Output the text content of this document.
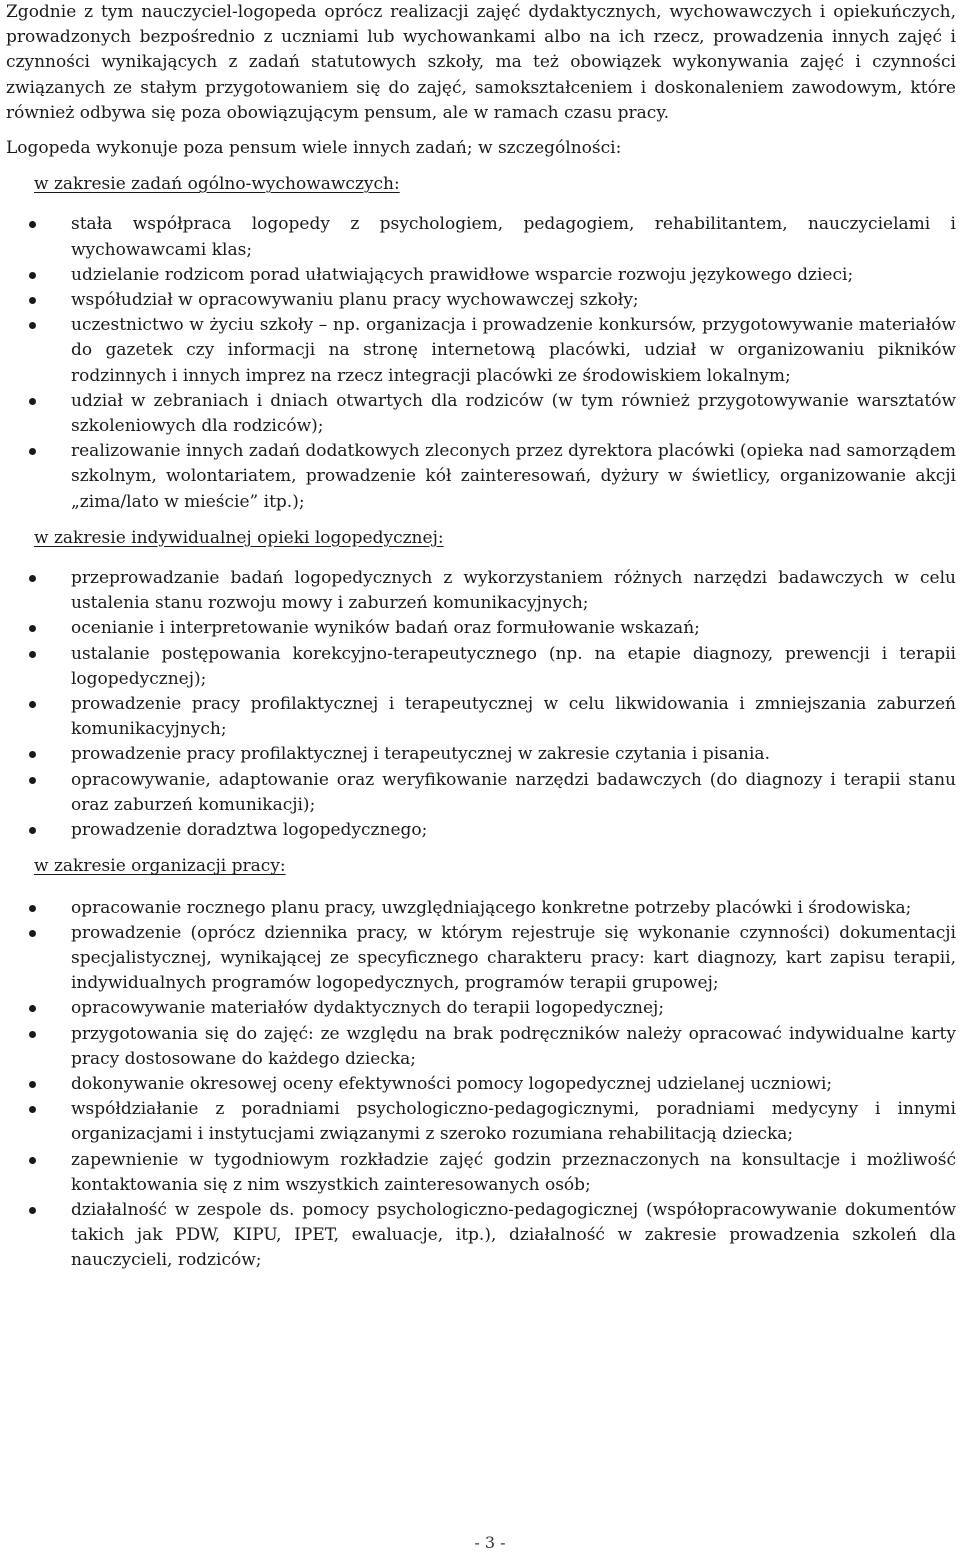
Zgodnie z tym nauczyciel-logopeda oprócz realizacji zajęć dydaktycznych, wychowawczych i opiekuńczych, prowadzonych bezpośrednio z uczniami lub wychowankami albo na ich rzecz, prowadzenia innych zajęć i czynności wynikających z zadań statutowych szkoły, ma też obowiązek wykonywania zajęć i czynności związanych ze stałym przygotowaniem się do zajęć, samokształceniem i doskonaleniem zawodowym, które również odbywa się poza obowiązującym pensum, ale w ramach czasu pracy.

Logopeda wykonuje poza pensum wiele innych zadań; w szczególności:

w zakresie zadań ogólno-wychowawczych:
stała współpraca logopedy z psychologiem, pedagogiem, rehabilitantem, nauczycielami i wychowawcami klas;
udzielanie rodzicom porad ułatwiających prawidłowe wsparcie rozwoju językowego dzieci;
współudział w opracowywaniu planu pracy wychowawczej szkoły;
uczestnictwo w życiu szkoły – np. organizacja i prowadzenie konkursów, przygotowywanie materiałów do gazetek czy informacji na stronę internetową placówki, udział w organizowaniu pikników rodzinnych i innych imprez na rzecz integracji placówki ze środowiskiem lokalnym;
udział w zebraniach i dniach otwartych dla rodziców (w tym również przygotowywanie warsztatów szkoleniowych dla rodziców);
realizowanie innych zadań dodatkowych zleconych przez dyrektora placówki (opieka nad samorządem szkolnym, wolontariatem, prowadzenie kół zainteresowań, dyżury w świetlicy, organizowanie akcji „zima/lato w mieście” itp.);
w zakresie indywidualnej opieki logopedycznej:
przeprowadzanie badań logopedycznych z wykorzystaniem różnych narzędzi badawczych w celu ustalenia stanu rozwoju mowy i zaburzeń komunikacyjnych;
ocenianie i interpretowanie wyników badań oraz formułowanie wskazań;
ustalanie postępowania korekcyjno-terapeutycznego (np. na etapie diagnozy, prewencji i terapii logopedycznej);
prowadzenie pracy profilaktycznej i terapeutycznej w celu likwidowania i zmniejszania zaburzeń komunikacyjnych;
prowadzenie pracy profilaktycznej i terapeutycznej w zakresie czytania i pisania.
opracowywanie, adaptowanie oraz weryfikowanie narzędzi badawczych (do diagnozy i terapii stanu oraz zaburzeń komunikacji);
prowadzenie doradztwa logopedycznego;
w zakresie organizacji pracy:
opracowanie rocznego planu pracy, uwzględniającego konkretne potrzeby placówki i środowiska;
prowadzenie (oprócz dziennika pracy, w którym rejestruje się wykonanie czynności) dokumentacji specjalistycznej, wynikającej ze specyficznego charakteru pracy: kart diagnozy, kart zapisu terapii, indywidualnych programów logopedycznych, programów terapii grupowej;
opracowywanie materiałów dydaktycznych do terapii logopedycznej;
przygotowania się do zajęć: ze względu na brak podręczników należy opracować indywidualne karty pracy dostosowane do każdego dziecka;
dokonywanie okresowej oceny efektywności pomocy logopedycznej udzielanej uczniowi;
współdziałanie z poradniami psychologiczno-pedagogicznymi, poradniami medycyny i innymi organizacjami i instytucjami związanymi z szeroko rozumiana rehabilitacją dziecka;
zapewnienie w tygodniowym rozkładzie zajęć godzin przeznaczonych na konsultacje i możliwość kontaktowania się z nim wszystkich zainteresowanych osób;
działalność w zespole ds. pomocy psychologiczno-pedagogicznej (współopracowywanie dokumentów takich jak PDW, KIPU, IPET, ewaluacje, itp.), działalność w zakresie prowadzenia szkoleń dla nauczycieli, rodziców;
- 3 -
